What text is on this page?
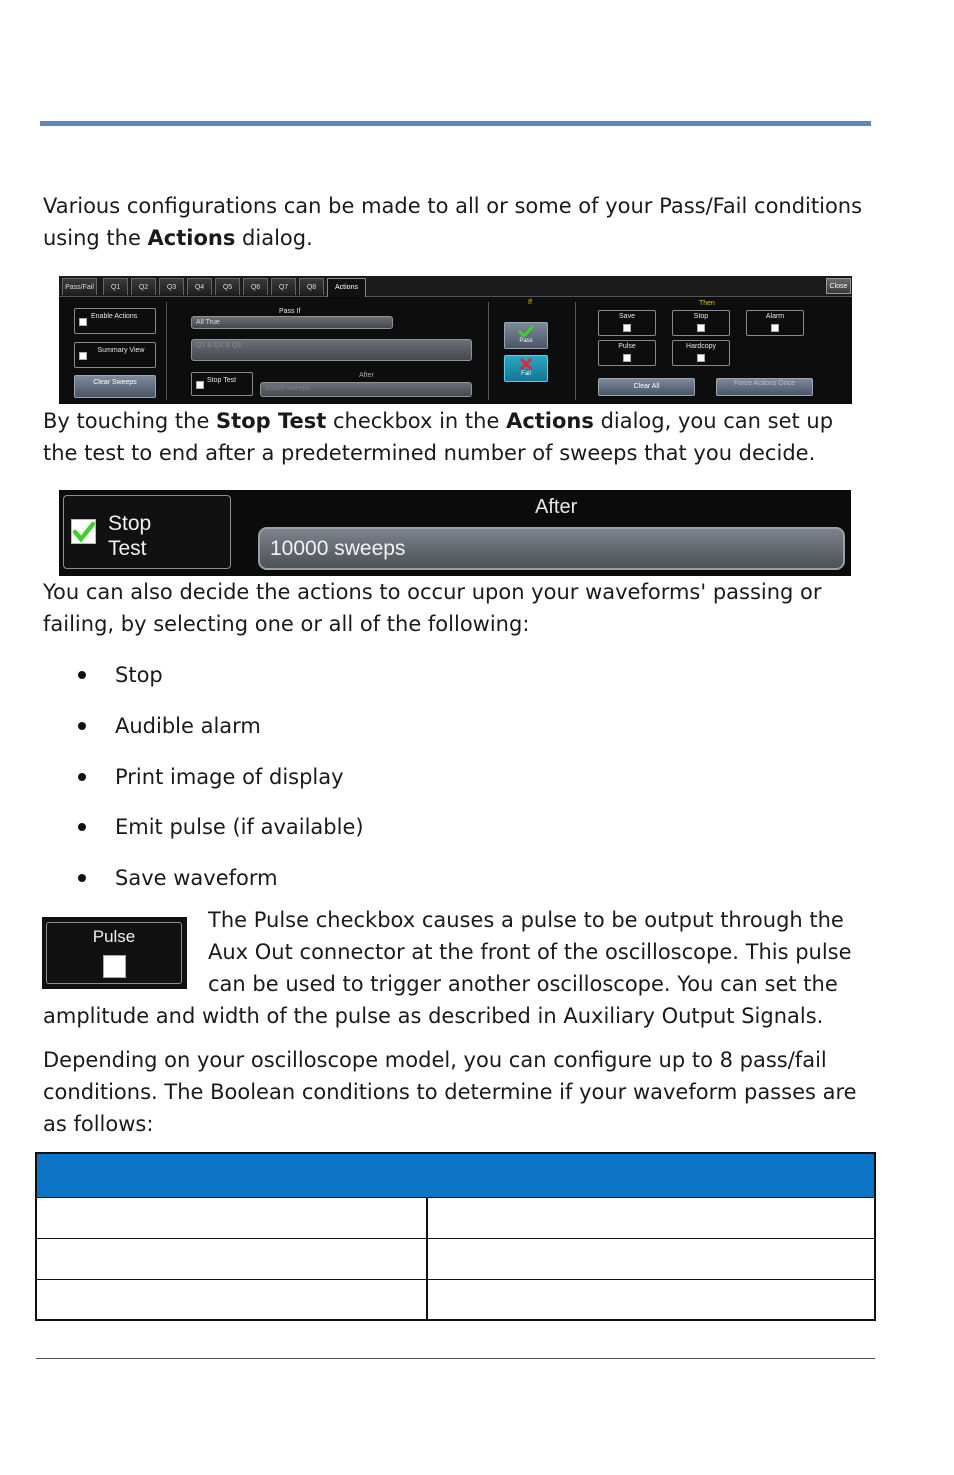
Various configurations can be made to all or some of your Pass/Fail conditions using the Actions dialog.

Pass/Fail	Q1	Q2	Q3	Q4	Q5	Q6	Q7	Q8	Actions	Close
Enable Actions
Summary View
Clear Sweeps
Pass If
All True
Q1 & Q2 & Q3
Stop Test
After
10000 sweeps
If
Pass
Fail
Then
Save	Stop	Alarm
Pulse	Hardcopy
Clear All	Force Actions Once

By touching the Stop Test checkbox in the Actions dialog, you can set up the test to end after a predetermined number of sweeps that you decide.

Stop
Test
After
10000 sweeps

You can also decide the actions to occur upon your waveforms' passing or failing, by selecting one or all of the following:

Stop
Audible alarm
Print image of display
Emit pulse (if available)
Save waveform
Pulse
The Pulse checkbox causes a pulse to be output through the Aux Out connector at the front of the oscilloscope. This pulse can be used to trigger another oscilloscope. You can set the amplitude and width of the pulse as described in Auxiliary Output Signals.

Depending on your oscilloscope model, you can configure up to 8 pass/fail conditions. The Boolean conditions to determine if your waveform passes are as follows:
